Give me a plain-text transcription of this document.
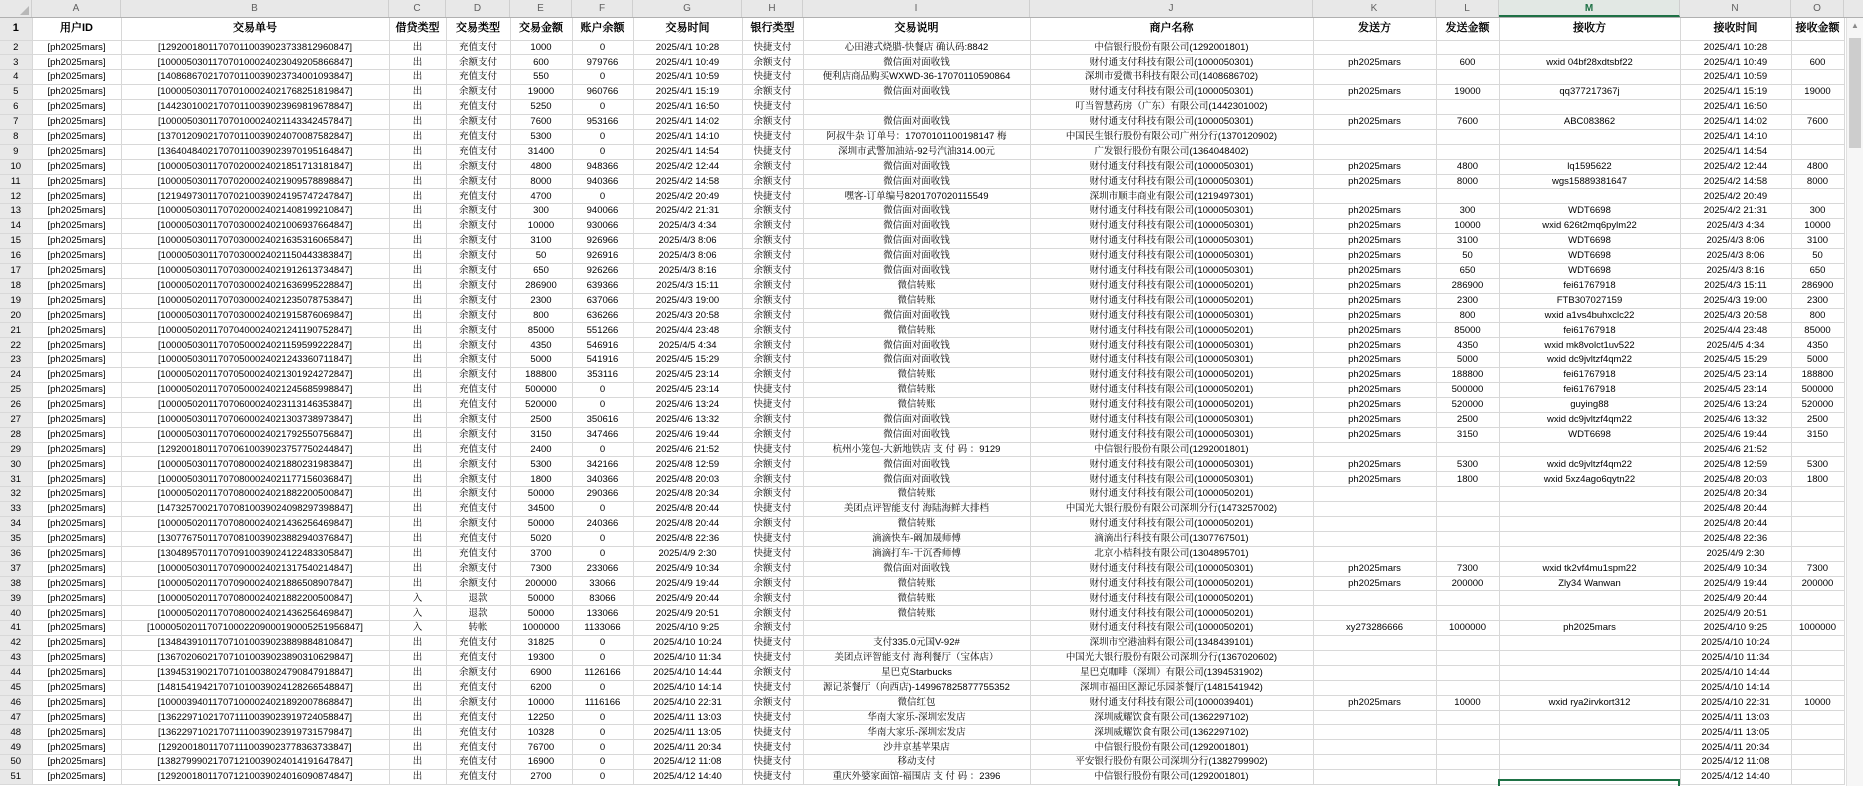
A	B	C	D	E	F	G	H	I	J	K	L	M	N	O
1	用户ID	交易单号	借贷类型	交易类型	交易金额	账户余额	交易时间	银行类型	交易说明	商户名称	发送方	发送金额	接收方	接收时间	接收金额
2	[ph2025mars]	[129200180117070110039023733812960847]	出	充值支付	1000	0	2025/4/1 10:28	快捷支付	心田港式烧腊-快餐店 确认码:8842	中信银行股份有限公司(1292001801)				2025/4/1 10:28	
3	[ph2025mars]	[100005030117070100024023049205866847]	出	余额支付	600	979766	2025/4/1 10:49	余额支付	微信面对面收钱	财付通支付科技有限公司(1000050301)	ph2025mars	600	wxid 04bf28xdtsbf22	2025/4/1 10:49	600
4	[ph2025mars]	[140868670217070110039023734001093847]	出	充值支付	550	0	2025/4/1 10:59	快捷支付	便利店商品购买WXWD-36-17070110590864	深圳市爱微书科技有限公司(1408686702)				2025/4/1 10:59	
5	[ph2025mars]	[100005030117070100024021768251819847]	出	余额支付	19000	960766	2025/4/1 15:19	余额支付	微信面对面收钱	财付通支付科技有限公司(1000050301)	ph2025mars	19000	qq377217367j	2025/4/1 15:19	19000
6	[ph2025mars]	[144230100217070110039023969819678847]	出	充值支付	5250	0	2025/4/1 16:50	快捷支付		叮当智慧药房（广东）有限公司(1442301002)				2025/4/1 16:50	
7	[ph2025mars]	[100005030117070100024021143342457847]	出	余额支付	7600	953166	2025/4/1 14:02	余额支付	微信面对面收钱	财付通支付科技有限公司(1000050301)	ph2025mars	7600	ABC083862	2025/4/1 14:02	7600
8	[ph2025mars]	[137012090217070110039024070087582847]	出	充值支付	5300	0	2025/4/1 14:10	快捷支付	阿叔牛杂 订单号：17070101100198147 梅	中国民生银行股份有限公司广州分行(1370120902)				2025/4/1 14:10	
9	[ph2025mars]	[136404840217070110039023970195164847]	出	充值支付	31400	0	2025/4/1 14:54	快捷支付	深圳市武警加油站-92号汽油314.00元	广发银行股份有限公司(1364048402)				2025/4/1 14:54	
10	[ph2025mars]	[100005030117070200024021851713181847]	出	余额支付	4800	948366	2025/4/2 12:44	余额支付	微信面对面收钱	财付通支付科技有限公司(1000050301)	ph2025mars	4800	lq1595622	2025/4/2 12:44	4800
11	[ph2025mars]	[100005030117070200024021909578898847]	出	余额支付	8000	940366	2025/4/2 14:58	余额支付	微信面对面收钱	财付通支付科技有限公司(1000050301)	ph2025mars	8000	wgs15889381647	2025/4/2 14:58	8000
12	[ph2025mars]	[121949730117070210039024195747247847]	出	充值支付	4700	0	2025/4/2 20:49	快捷支付	嘿客-订单编号8201707020115549	深圳市顺丰商业有限公司(1219497301)				2025/4/2 20:49	
13	[ph2025mars]	[100005030117070200024021408199210847]	出	余额支付	300	940066	2025/4/2 21:31	余额支付	微信面对面收钱	财付通支付科技有限公司(1000050301)	ph2025mars	300	WDT6698	2025/4/2 21:31	300
14	[ph2025mars]	[100005030117070300024021006937664847]	出	余额支付	10000	930066	2025/4/3 4:34	余额支付	微信面对面收钱	财付通支付科技有限公司(1000050301)	ph2025mars	10000	wxid 626t2mq6pylm22	2025/4/3 4:34	10000
15	[ph2025mars]	[100005030117070300024021635316065847]	出	余额支付	3100	926966	2025/4/3 8:06	余额支付	微信面对面收钱	财付通支付科技有限公司(1000050301)	ph2025mars	3100	WDT6698	2025/4/3 8:06	3100
16	[ph2025mars]	[100005030117070300024021150443383847]	出	余额支付	50	926916	2025/4/3 8:06	余额支付	微信面对面收钱	财付通支付科技有限公司(1000050301)	ph2025mars	50	WDT6698	2025/4/3 8:06	50
17	[ph2025mars]	[100005030117070300024021912613734847]	出	余额支付	650	926266	2025/4/3 8:16	余额支付	微信面对面收钱	财付通支付科技有限公司(1000050301)	ph2025mars	650	WDT6698	2025/4/3 8:16	650
18	[ph2025mars]	[100005020117070300024021636995228847]	出	余额支付	286900	639366	2025/4/3 15:11	余额支付	微信转账	财付通支付科技有限公司(1000050201)	ph2025mars	286900	fei61767918	2025/4/3 15:11	286900
19	[ph2025mars]	[100005020117070300024021235078753847]	出	余额支付	2300	637066	2025/4/3 19:00	余额支付	微信转账	财付通支付科技有限公司(1000050201)	ph2025mars	2300	FTB307027159	2025/4/3 19:00	2300
20	[ph2025mars]	[100005030117070300024021915876069847]	出	余额支付	800	636266	2025/4/3 20:58	余额支付	微信面对面收钱	财付通支付科技有限公司(1000050301)	ph2025mars	800	wxid a1vs4buhxclc22	2025/4/3 20:58	800
21	[ph2025mars]	[100005020117070400024021241190752847]	出	余额支付	85000	551266	2025/4/4 23:48	余额支付	微信转账	财付通支付科技有限公司(1000050201)	ph2025mars	85000	fei61767918	2025/4/4 23:48	85000
22	[ph2025mars]	[100005030117070500024021159599222847]	出	余额支付	4350	546916	2025/4/5 4:34	余额支付	微信面对面收钱	财付通支付科技有限公司(1000050301)	ph2025mars	4350	wxid mk8volct1uv522	2025/4/5 4:34	4350
23	[ph2025mars]	[100005030117070500024021243360711847]	出	余额支付	5000	541916	2025/4/5 15:29	余额支付	微信面对面收钱	财付通支付科技有限公司(1000050301)	ph2025mars	5000	wxid dc9jvltzf4qm22	2025/4/5 15:29	5000
24	[ph2025mars]	[100005020117070500024021301924272847]	出	余额支付	188800	353116	2025/4/5 23:14	余额支付	微信转账	财付通支付科技有限公司(1000050201)	ph2025mars	188800	fei61767918	2025/4/5 23:14	188800
25	[ph2025mars]	[100005020117070500024021245685998847]	出	充值支付	500000	0	2025/4/5 23:14	快捷支付	微信转账	财付通支付科技有限公司(1000050201)	ph2025mars	500000	fei61767918	2025/4/5 23:14	500000
26	[ph2025mars]	[100005020117070600024023113146353847]	出	充值支付	520000	0	2025/4/6 13:24	快捷支付	微信转账	财付通支付科技有限公司(1000050201)	ph2025mars	520000	guying88	2025/4/6 13:24	520000
27	[ph2025mars]	[100005030117070600024021303738973847]	出	余额支付	2500	350616	2025/4/6 13:32	余额支付	微信面对面收钱	财付通支付科技有限公司(1000050301)	ph2025mars	2500	wxid dc9jvltzf4qm22	2025/4/6 13:32	2500
28	[ph2025mars]	[100005030117070600024021792550756847]	出	余额支付	3150	347466	2025/4/6 19:44	余额支付	微信面对面收钱	财付通支付科技有限公司(1000050301)	ph2025mars	3150	WDT6698	2025/4/6 19:44	3150
29	[ph2025mars]	[129200180117070610039023757750244847]	出	充值支付	2400	0	2025/4/6 21:52	快捷支付	杭州小笼包-大新地铁店 支 付 码 ：9129	中信银行股份有限公司(1292001801)				2025/4/6 21:52	
30	[ph2025mars]	[100005030117070800024021880231983847]	出	余额支付	5300	342166	2025/4/8 12:59	余额支付	微信面对面收钱	财付通支付科技有限公司(1000050301)	ph2025mars	5300	wxid dc9jvltzf4qm22	2025/4/8 12:59	5300
31	[ph2025mars]	[100005030117070800024021177156036847]	出	余额支付	1800	340366	2025/4/8 20:03	余额支付	微信面对面收钱	财付通支付科技有限公司(1000050301)	ph2025mars	1800	wxid 5xz4ago6qytn22	2025/4/8 20:03	1800
32	[ph2025mars]	[100005020117070800024021882200500847]	出	余额支付	50000	290366	2025/4/8 20:34	余额支付	微信转账	财付通支付科技有限公司(1000050201)				2025/4/8 20:34	
33	[ph2025mars]	[147325700217070810039024098297398847]	出	充值支付	34500	0	2025/4/8 20:44	快捷支付	美团点评智能支付 海陆海鲜大排档	中国光大银行股份有限公司深圳分行(1473257002)				2025/4/8 20:44	
34	[ph2025mars]	[100005020117070800024021436256469847]	出	余额支付	50000	240366	2025/4/8 20:44	余额支付	微信转账	财付通支付科技有限公司(1000050201)				2025/4/8 20:44	
35	[ph2025mars]	[130776750117070810039023882940376847]	出	充值支付	5020	0	2025/4/8 22:36	快捷支付	滴滴快车-阚加晟师傅	滴滴出行科技有限公司(1307767501)				2025/4/8 22:36	
36	[ph2025mars]	[130489570117070910039024122483305847]	出	充值支付	3700	0	2025/4/9 2:30	快捷支付	滴滴打车-干沉香师傅	北京小桔科技有限公司(1304895701)				2025/4/9 2:30	
37	[ph2025mars]	[100005030117070900024021317540214847]	出	余额支付	7300	233066	2025/4/9 10:34	余额支付	微信面对面收钱	财付通支付科技有限公司(1000050301)	ph2025mars	7300	wxid tk2vf4mu1spm22	2025/4/9 10:34	7300
38	[ph2025mars]	[100005020117070900024021886508907847]	出	余额支付	200000	33066	2025/4/9 19:44	余额支付	微信转账	财付通支付科技有限公司(1000050201)	ph2025mars	200000	Zly34 Wanwan	2025/4/9 19:44	200000
39	[ph2025mars]	[100005020117070800024021882200500847]	入	退款	50000	83066	2025/4/9 20:44	余额支付	微信转账	财付通支付科技有限公司(1000050201)				2025/4/9 20:44	
40	[ph2025mars]	[100005020117070800024021436256469847]	入	退款	50000	133066	2025/4/9 20:51	余额支付	微信转账	财付通支付科技有限公司(1000050201)				2025/4/9 20:51	
41	[ph2025mars]	[1000050201170710002209000190005251956847]	入	转帐	1000000	1133066	2025/4/10 9:25	余额支付		财付通支付科技有限公司(1000050201)	xy273286666	1000000	ph2025mars	2025/4/10 9:25	1000000
42	[ph2025mars]	[134843910117071010039023889884810847]	出	充值支付	31825	0	2025/4/10 10:24	快捷支付	支付335.0元国V-92#	深圳市空港油料有限公司(1348439101)				2025/4/10 10:24	
43	[ph2025mars]	[136702060217071010039023890310629847]	出	充值支付	19300	0	2025/4/10 11:34	快捷支付	美团点评智能支付 海利餐厅（宝体店）	中国光大银行股份有限公司深圳分行(1367020602)				2025/4/10 11:34	
44	[ph2025mars]	[139453190217071010038024790847918847]	出	余额支付	6900	1126166	2025/4/10 14:44	余额支付	星巴克Starbucks	星巴克咖啡（深圳）有限公司(1394531902)				2025/4/10 14:44	
45	[ph2025mars]	[148154194217071010039024128266548847]	出	充值支付	6200	0	2025/4/10 14:14	快捷支付	源记茶餐厅（向西店)-149967825877755352	深圳市福田区源记乐园茶餐厅(1481541942)				2025/4/10 14:14	
46	[ph2025mars]	[100003940117071000024021892007868847]	出	余额支付	10000	1116166	2025/4/10 22:31	余额支付	微信红包	财付通支付科技有限公司(1000039401)	ph2025mars	10000	wxid rya2irvkort312	2025/4/10 22:31	10000
47	[ph2025mars]	[136229710217071110039023919724058847]	出	充值支付	12250	0	2025/4/11 13:03	快捷支付	华南大家乐-深圳宏发店	深圳威耀饮食有限公司(1362297102)				2025/4/11 13:03	
48	[ph2025mars]	[136229710217071110039023919731579847]	出	充值支付	10328	0	2025/4/11 13:05	快捷支付	华南大家乐-深圳宏发店	深圳威耀饮食有限公司(1362297102)				2025/4/11 13:05	
49	[ph2025mars]	[129200180117071110039023778363733847]	出	充值支付	76700	0	2025/4/11 20:34	快捷支付	沙井京基苹果店	中信银行股份有限公司(1292001801)				2025/4/11 20:34	
50	[ph2025mars]	[138279990217071210039024014191647847]	出	充值支付	16900	0	2025/4/12 11:08	快捷支付	移动支付	平安银行股份有限公司深圳分行(1382799902)				2025/4/12 11:08	
51	[ph2025mars]	[129200180117071210039024016090874847]	出	充值支付	2700	0	2025/4/12 14:40	快捷支付	重庆外婆家面馆-福围店 支 付 码 ：2396	中信银行股份有限公司(1292001801)				2025/4/12 14:40	
▲
